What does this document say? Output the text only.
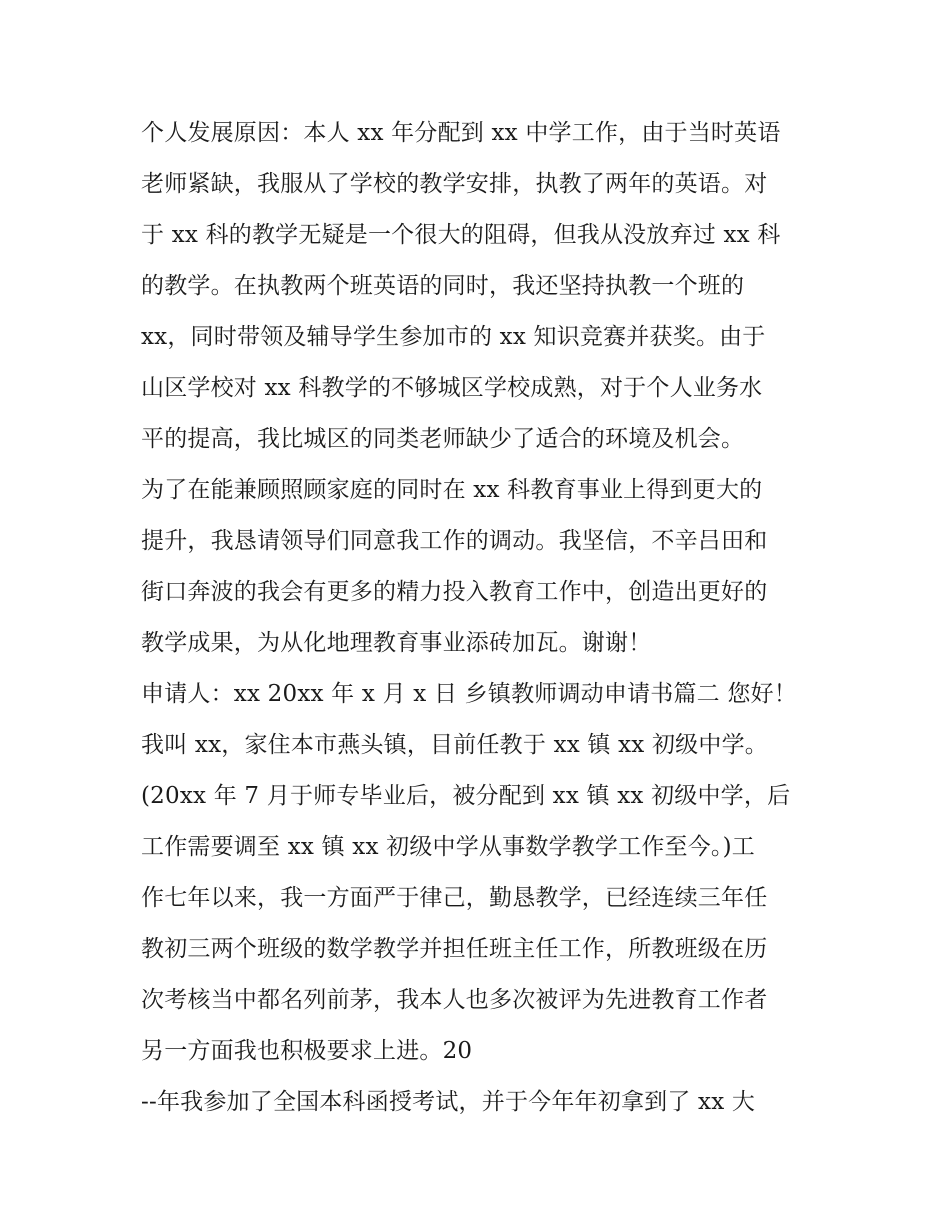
个人发展原因：本人 xx 年分配到 xx 中学工作，由于当时英语
老师紧缺，我服从了学校的教学安排，执教了两年的英语。对
于 xx 科的教学无疑是一个很大的阻碍，但我从没放弃过 xx 科
的教学。在执教两个班英语的同时，我还坚持执教一个班的
xx，同时带领及辅导学生参加市的 xx 知识竞赛并获奖。由于
山区学校对 xx 科教学的不够城区学校成熟，对于个人业务水
平的提高，我比城区的同类老师缺少了适合的环境及机会。
为了在能兼顾照顾家庭的同时在 xx 科教育事业上得到更大的
提升，我恳请领导们同意我工作的调动。我坚信，不辛吕田和
街口奔波的我会有更多的精力投入教育工作中，创造出更好的
教学成果，为从化地理教育事业添砖加瓦。谢谢！
申请人：xx 20xx 年 x 月 x 日 乡镇教师调动申请书篇二 您好！
我叫 xx，家住本市燕头镇，目前任教于 xx 镇 xx 初级中学。
(20xx 年 7 月于师专毕业后，被分配到 xx 镇 xx 初级中学，后
工作需要调至 xx 镇 xx 初级中学从事数学教学工作至今。)工
作七年以来，我一方面严于律己，勤恳教学，已经连续三年任
教初三两个班级的数学教学并担任班主任工作，所教班级在历
次考核当中都名列前茅，我本人也多次被评为先进教育工作者
另一方面我也积极要求上进。20
--年我参加了全国本科函授考试，并于今年年初拿到了 xx 大
